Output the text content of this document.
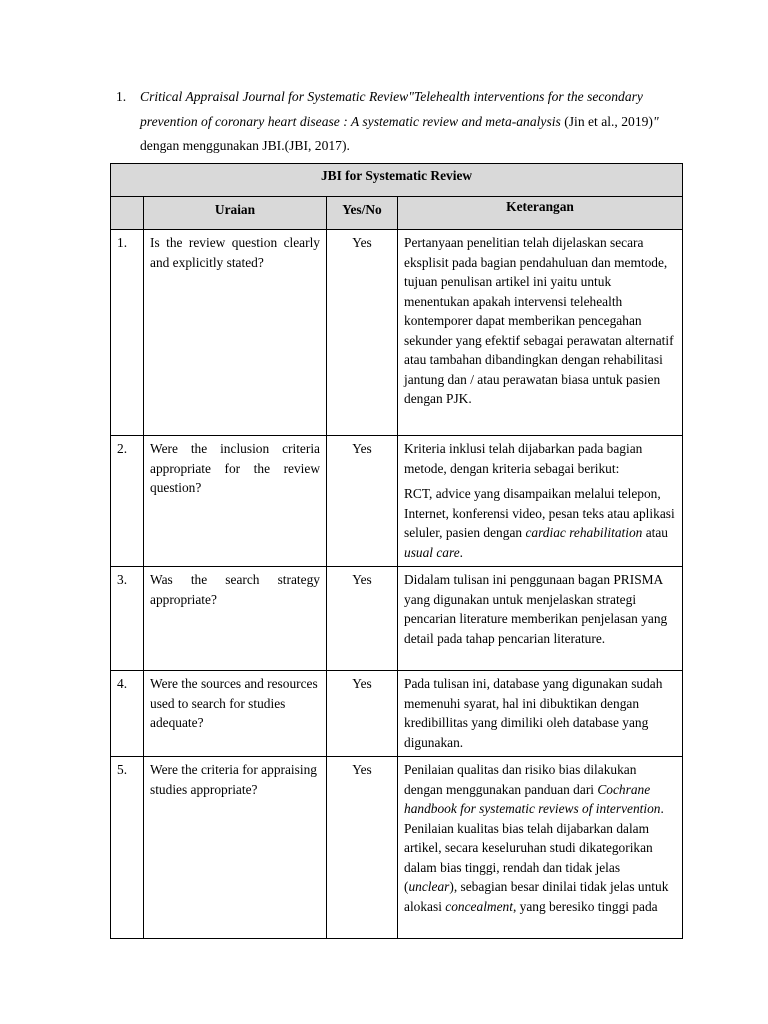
1.	Critical Appraisal Journal for Systematic Review"Telehealth interventions for the secondary prevention of coronary heart disease : A systematic review and meta-analysis (Jin et al., 2019)" dengan menggunakan JBI.(JBI, 2017).

JBI for Systematic Review			
	Uraian	Yes/No	Keterangan
1.	Is the review question clearly and explicitly stated?	Yes	Pertanyaan penelitian telah dijelaskan secara eksplisit pada bagian pendahuluan dan memtode, tujuan penulisan artikel ini yaitu untuk menentukan apakah intervensi telehealth kontemporer dapat memberikan pencegahan sekunder yang efektif sebagai perawatan alternatif atau tambahan dibandingkan dengan rehabilitasi jantung dan / atau perawatan biasa untuk pasien dengan PJK.
2.	Were the inclusion criteria appropriate for the review question?	Yes	Kriteria inklusi telah dijabarkan pada bagian metode, dengan kriteria sebagai berikut:
RCT, advice yang disampaikan melalui telepon, Internet, konferensi video, pesan teks atau aplikasi seluler, pasien dengan cardiac rehabilitation atau usual care.

3.	Was the search strategy appropriate?	Yes	Didalam tulisan ini penggunaan bagan PRISMA yang digunakan untuk menjelaskan strategi pencarian literature memberikan penjelasan yang detail pada tahap pencarian literature.
4.	Were the sources and resources used to search for studies adequate?	Yes	Pada tulisan ini, database yang digunakan sudah memenuhi syarat, hal ini dibuktikan dengan kredibillitas yang dimiliki oleh database yang digunakan.
5.	Were the criteria for appraising studies appropriate?	Yes	Penilaian qualitas dan risiko bias dilakukan dengan menggunakan panduan dari Cochrane handbook for systematic reviews of intervention. Penilaian kualitas bias telah dijabarkan dalam artikel, secara keseluruhan studi dikategorikan dalam bias tinggi, rendah dan tidak jelas (unclear), sebagian besar dinilai tidak jelas untuk alokasi concealment, yang beresiko tinggi pada
